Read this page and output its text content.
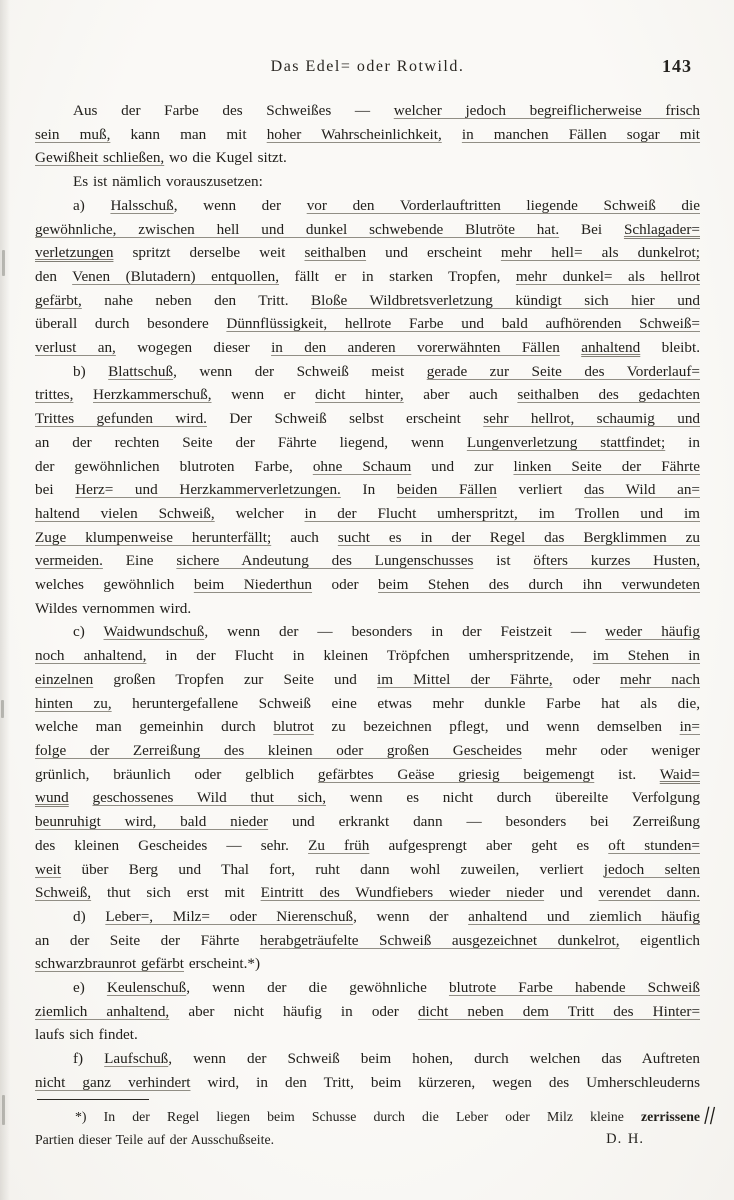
Das Edel= oder Rotwild.	143
Aus der Farbe des Schweißes — welcher jedoch begreiflicherweise frisch
sein muß, kann man mit hoher Wahrscheinlichkeit, in manchen Fällen sogar mit
Gewißheit schließen, wo die Kugel sitzt.
Es ist nämlich vorauszusetzen:
a) Halsschuß, wenn der vor den Vorderlauftritten liegende Schweiß die
gewöhnliche, zwischen hell und dunkel schwebende Blutröte hat. Bei Schlagader=
verletzungen spritzt derselbe weit seithalben und erscheint mehr hell= als dunkelrot;
den Venen (Blutadern) entquollen, fällt er in starken Tropfen, mehr dunkel= als hellrot
gefärbt, nahe neben den Tritt. Bloße Wildbretsverletzung kündigt sich hier und
überall durch besondere Dünnflüssigkeit, hellrote Farbe und bald aufhörenden Schweiß=
verlust an, wogegen dieser in den anderen vorerwähnten Fällen anhaltend bleibt.
b) Blattschuß, wenn der Schweiß meist gerade zur Seite des Vorderlauf=
trittes, Herzkammerschuß, wenn er dicht hinter, aber auch seithalben des gedachten
Trittes gefunden wird. Der Schweiß selbst erscheint sehr hellrot, schaumig und
an der rechten Seite der Fährte liegend, wenn Lungenverletzung stattfindet; in
der gewöhnlichen blutroten Farbe, ohne Schaum und zur linken Seite der Fährte
bei Herz= und Herzkammerverletzungen. In beiden Fällen verliert das Wild an=
haltend vielen Schweiß, welcher in der Flucht umherspritzt, im Trollen und im
Zuge klumpenweise herunterfällt; auch sucht es in der Regel das Bergklimmen zu
vermeiden. Eine sichere Andeutung des Lungenschusses ist öfters kurzes Husten,
welches gewöhnlich beim Niederthun oder beim Stehen des durch ihn verwundeten
Wildes vernommen wird.
c) Waidwundschuß, wenn der — besonders in der Feistzeit — weder häufig
noch anhaltend, in der Flucht in kleinen Tröpfchen umherspritzende, im Stehen in
einzelnen großen Tropfen zur Seite und im Mittel der Fährte, oder mehr nach
hinten zu, heruntergefallene Schweiß eine etwas mehr dunkle Farbe hat als die,
welche man gemeinhin durch blutrot zu bezeichnen pflegt, und wenn demselben in=
folge der Zerreißung des kleinen oder großen Gescheides mehr oder weniger
grünlich, bräunlich oder gelblich gefärbtes Geäse griesig beigemengt ist. Waid=
wund geschossenes Wild thut sich, wenn es nicht durch übereilte Verfolgung
beunruhigt wird, bald nieder und erkrankt dann — besonders bei Zerreißung
des kleinen Gescheides — sehr. Zu früh aufgesprengt aber geht es oft stunden=
weit über Berg und Thal fort, ruht dann wohl zuweilen, verliert jedoch selten
Schweiß, thut sich erst mit Eintritt des Wundfiebers wieder nieder und verendet dann.
d) Leber=, Milz= oder Nierenschuß, wenn der anhaltend und ziemlich häufig
an der Seite der Fährte herabgeträufelte Schweiß ausgezeichnet dunkelrot, eigentlich
schwarzbraunrot gefärbt erscheint.*)
e) Keulenschuß, wenn der die gewöhnliche blutrote Farbe habende Schweiß
ziemlich anhaltend, aber nicht häufig in oder dicht neben dem Tritt des Hinter=
laufs sich findet.
f) Laufschuß, wenn der Schweiß beim hohen, durch welchen das Auftreten
nicht ganz verhindert wird, in den Tritt, beim kürzeren, wegen des Umherschleuderns
*) In der Regel liegen beim Schusse durch die Leber oder Milz kleine zerrissene
Partien dieser Teile auf der Ausschußseite.
||
D. H.
